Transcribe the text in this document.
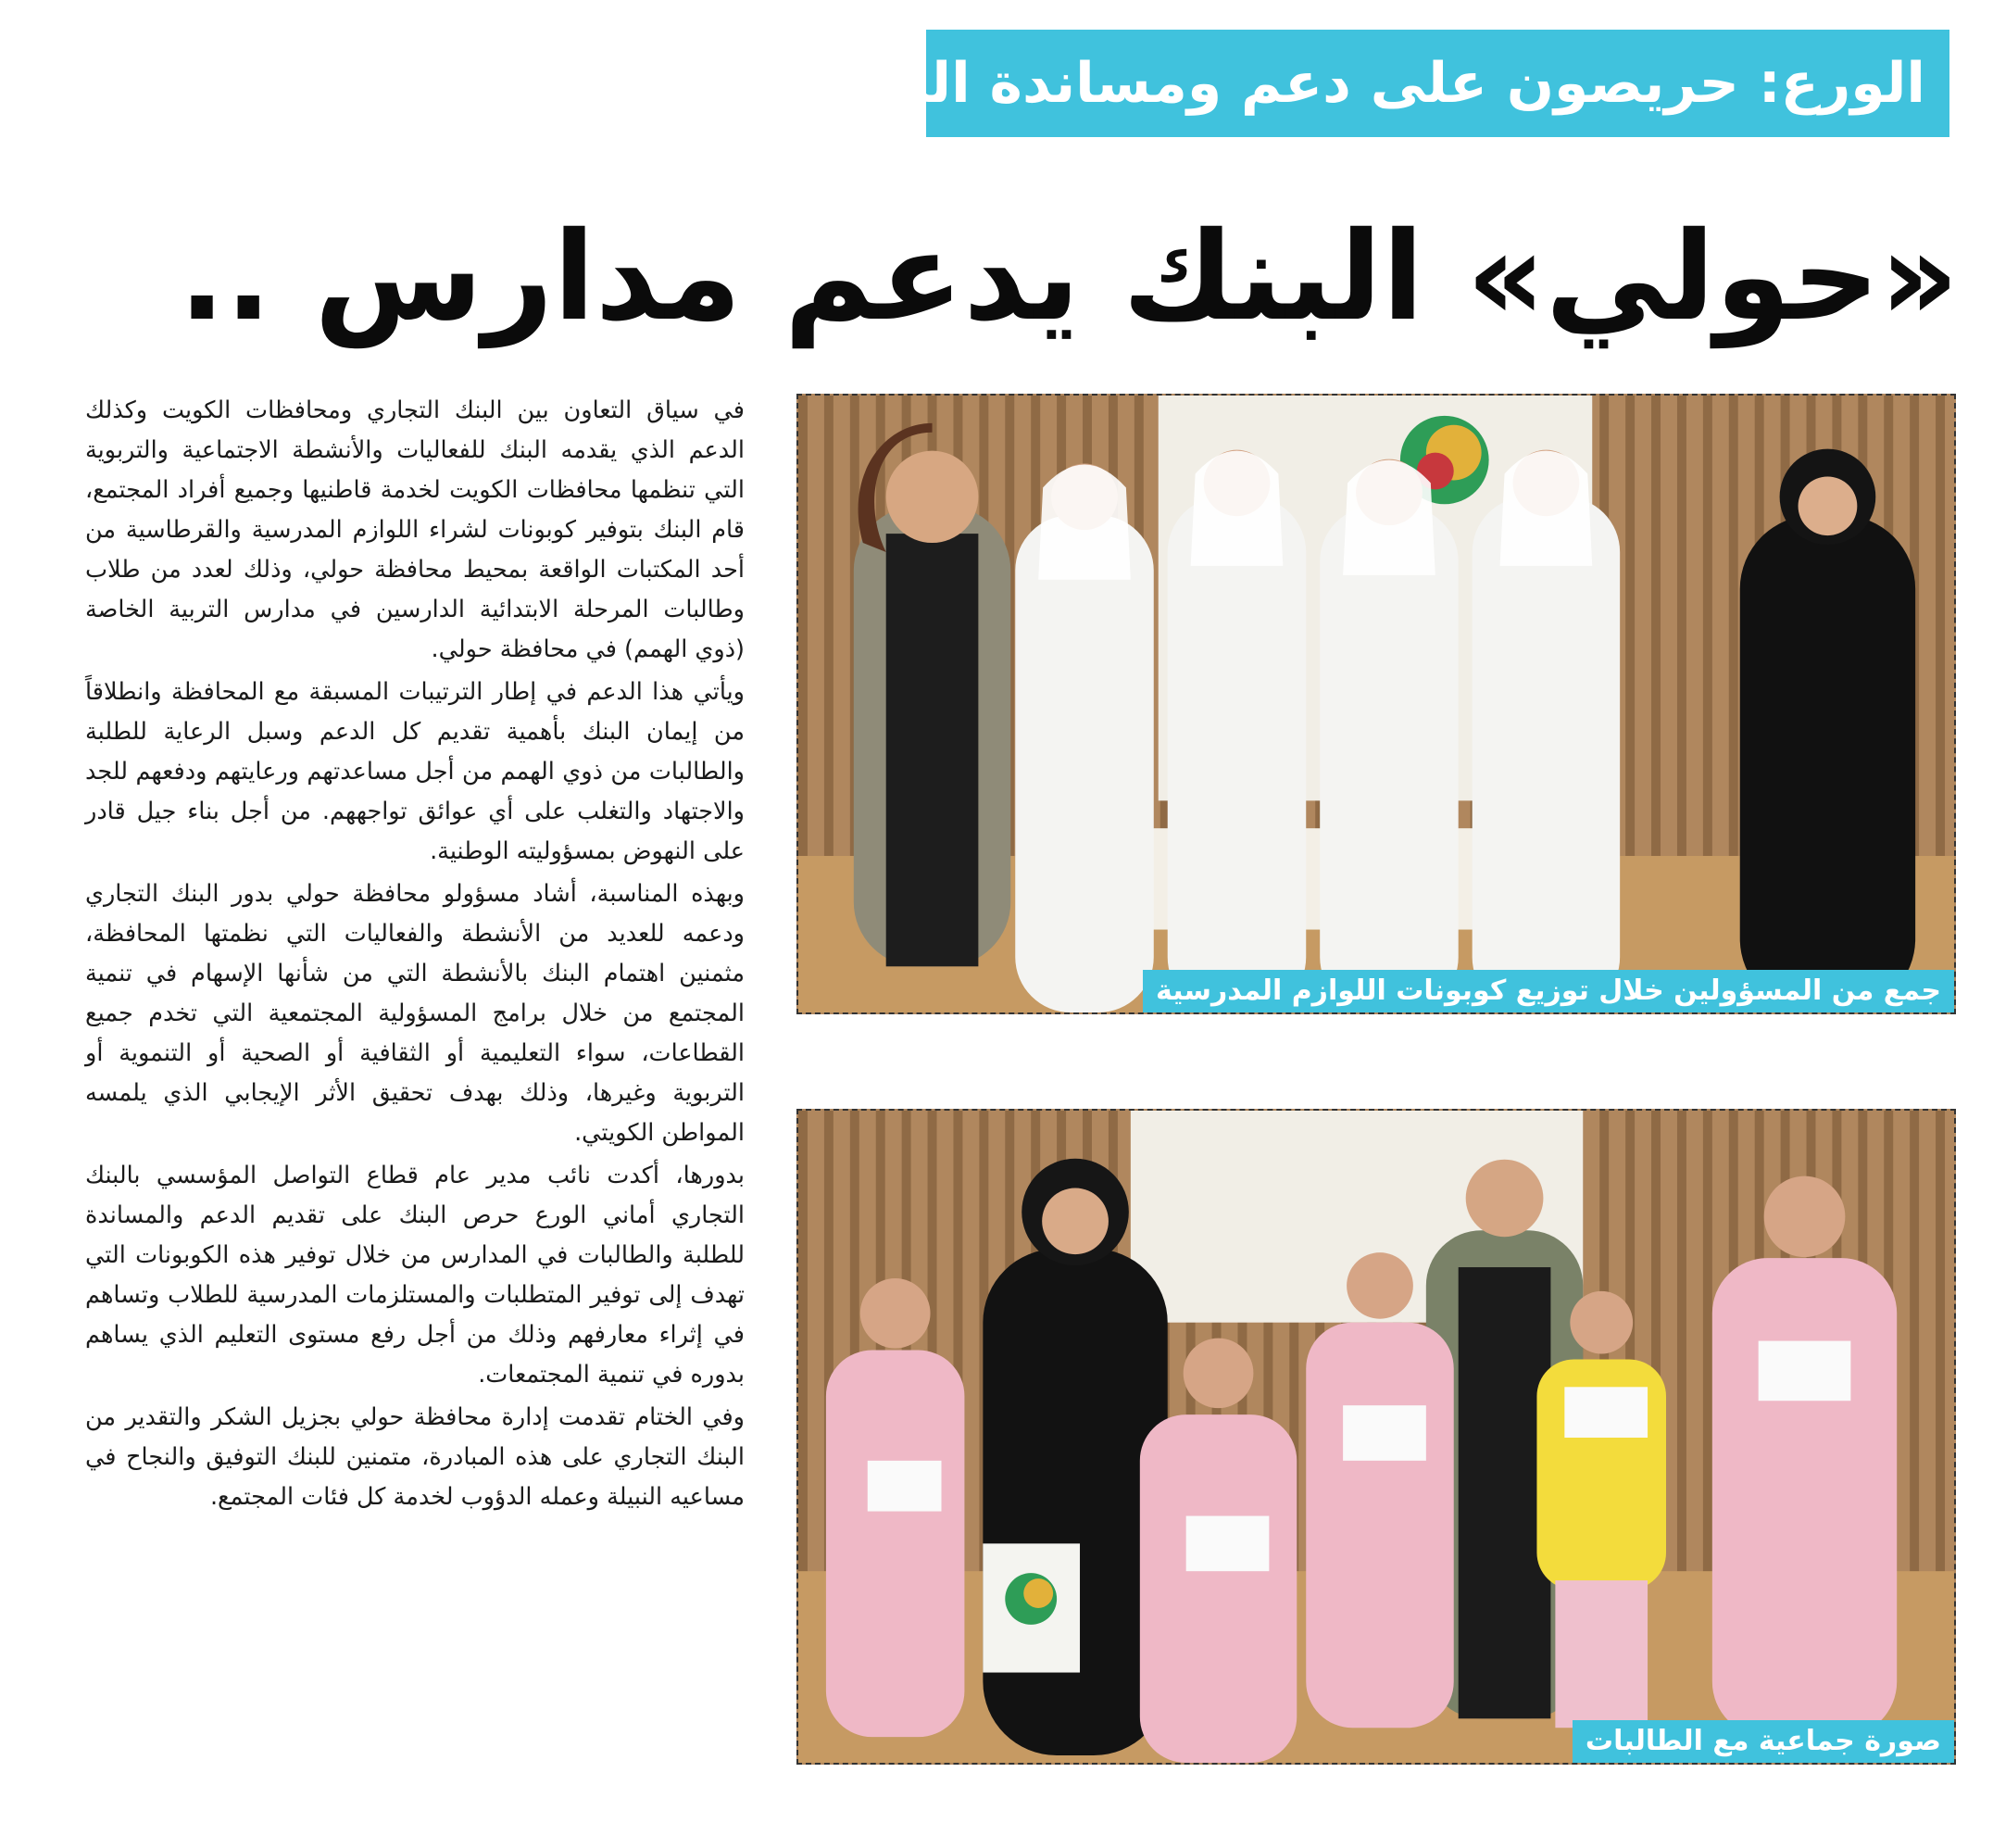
الورع: حريصون على دعم ومساندة الطلبة
«حولي» البنك يدعم مدارس ..

في سياق التعاون بين البنك التجاري ومحافظات الكويت وكذلك الدعم الذي يقدمه البنك للفعاليات والأنشطة الاجتماعية والتربوية التي تنظمها محافظات الكويت لخدمة قاطنيها وجميع أفراد المجتمع، قام البنك بتوفير كوبونات لشراء اللوازم المدرسية والقرطاسية من أحد المكتبات الواقعة بمحيط محافظة حولي، وذلك لعدد من طلاب وطالبات المرحلة الابتدائية الدارسين في مدارس التربية الخاصة (ذوي الهمم) في محافظة حولي.

ويأتي هذا الدعم في إطار الترتيبات المسبقة مع المحافظة وانطلاقاً من إيمان البنك بأهمية تقديم كل الدعم وسبل الرعاية للطلبة والطالبات من ذوي الهمم من أجل مساعدتهم ورعايتهم ودفعهم للجد والاجتهاد والتغلب على أي عوائق تواجههم. من أجل بناء جيل قادر على النهوض بمسؤوليته الوطنية.

وبهذه المناسبة، أشاد مسؤولو محافظة حولي بدور البنك التجاري ودعمه للعديد من الأنشطة والفعاليات التي نظمتها المحافظة، مثمنين اهتمام البنك بالأنشطة التي من شأنها الإسهام في تنمية المجتمع من خلال برامج المسؤولية المجتمعية التي تخدم جميع القطاعات، سواء التعليمية أو الثقافية أو الصحية أو التنموية أو التربوية وغيرها، وذلك بهدف تحقيق الأثر الإيجابي الذي يلمسه المواطن الكويتي.

بدورها، أكدت نائب مدير عام قطاع التواصل المؤسسي بالبنك التجاري أماني الورع حرص البنك على تقديم الدعم والمساندة للطلبة والطالبات في المدارس من خلال توفير هذه الكوبونات التي تهدف إلى توفير المتطلبات والمستلزمات المدرسية للطلاب وتساهم في إثراء معارفهم وذلك من أجل رفع مستوى التعليم الذي يساهم بدوره في تنمية المجتمعات.

وفي الختام تقدمت إدارة محافظة حولي بجزيل الشكر والتقدير من البنك التجاري على هذه المبادرة، متمنين للبنك التوفيق والنجاح في مساعيه النبيلة وعمله الدؤوب لخدمة كل فئات المجتمع.

جمع من المسؤولين خلال توزيع كوبونات اللوازم المدرسية
صورة جماعية مع الطالبات
